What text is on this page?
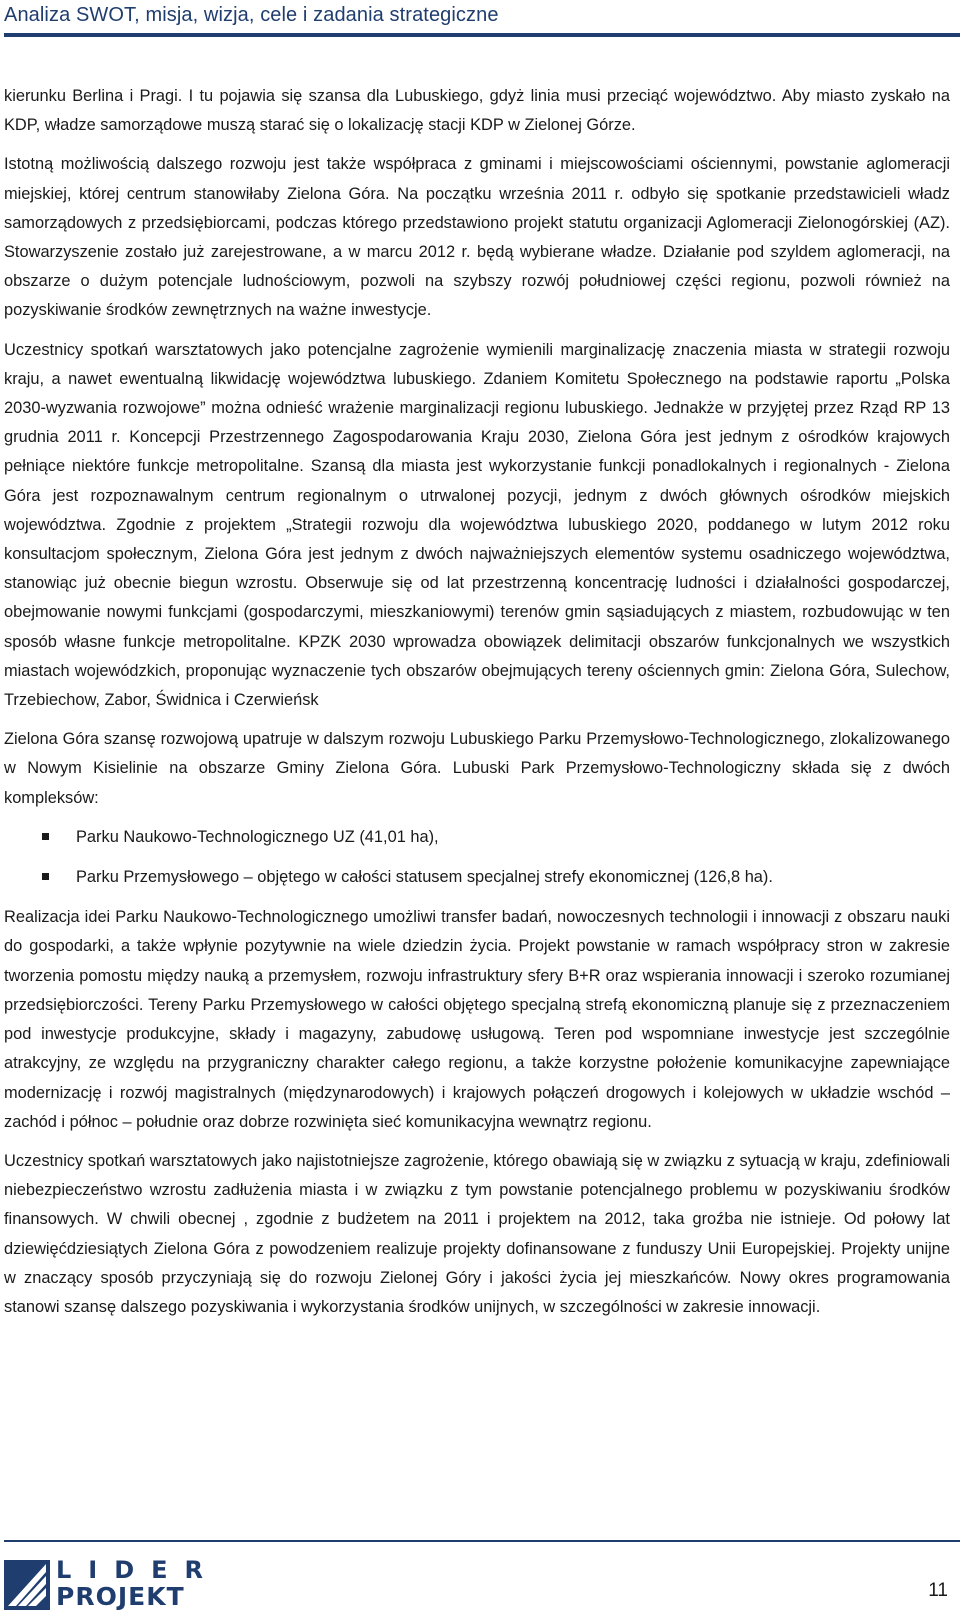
Analiza SWOT, misja, wizja, cele i zadania strategiczne

kierunku Berlina i Pragi. I tu pojawia się szansa dla Lubuskiego, gdyż linia musi przeciąć województwo. Aby miasto zyskało na KDP, władze samorządowe muszą starać się o lokalizację stacji KDP w Zielonej Górze.

Istotną możliwością dalszego rozwoju jest także współpraca z gminami i miejscowościami ościennymi, powstanie aglomeracji miejskiej, której centrum stanowiłaby Zielona Góra. Na początku września 2011 r. odbyło się spotkanie przedstawicieli władz samorządowych z przedsiębiorcami, podczas którego przedstawiono projekt statutu organizacji Aglomeracji Zielonogórskiej (AZ). Stowarzyszenie zostało już zarejestrowane, a w marcu 2012 r. będą wybierane władze. Działanie pod szyldem aglomeracji, na obszarze o dużym potencjale ludnościowym, pozwoli na szybszy rozwój południowej części regionu, pozwoli również na pozyskiwanie środków zewnętrznych na ważne inwestycje.

Uczestnicy spotkań warsztatowych jako potencjalne zagrożenie wymienili marginalizację znaczenia miasta w strategii rozwoju kraju, a nawet ewentualną likwidację województwa lubuskiego. Zdaniem Komitetu Społecznego na podstawie raportu „Polska 2030-wyzwania rozwojowe” można odnieść wrażenie marginalizacji regionu lubuskiego. Jednakże w przyjętej przez Rząd RP 13 grudnia 2011 r. Koncepcji Przestrzennego Zagospodarowania Kraju 2030, Zielona Góra jest jednym z ośrodków krajowych pełniące niektóre funkcje metropolitalne. Szansą dla miasta jest wykorzystanie funkcji ponadlokalnych i regionalnych - Zielona Góra jest rozpoznawalnym centrum regionalnym o utrwalonej pozycji, jednym z dwóch głównych ośrodków miejskich województwa. Zgodnie z projektem „Strategii rozwoju dla województwa lubuskiego 2020, poddanego w lutym 2012 roku konsultacjom społecznym, Zielona Góra jest jednym z dwóch najważniejszych elementów systemu osadniczego województwa, stanowiąc już obecnie biegun wzrostu. Obserwuje się od lat przestrzenną koncentrację ludności i działalności gospodarczej, obejmowanie nowymi funkcjami (gospodarczymi, mieszkaniowymi) terenów gmin sąsiadujących z miastem, rozbudowując w ten sposób własne funkcje metropolitalne. KPZK 2030 wprowadza obowiązek delimitacji obszarów funkcjonalnych we wszystkich miastach wojewódzkich, proponując wyznaczenie tych obszarów obejmujących tereny ościennych gmin: Zielona Góra, Sulechow, Trzebiechow, Zabor, Świdnica i Czerwieńsk

Zielona Góra szansę rozwojową upatruje w dalszym rozwoju Lubuskiego Parku Przemysłowo-Technologicznego, zlokalizowanego w Nowym Kisielinie na obszarze Gminy Zielona Góra. Lubuski Park Przemysłowo-Technologiczny składa się z dwóch kompleksów:

Parku Naukowo-Technologicznego UZ (41,01 ha),
Parku Przemysłowego – objętego w całości statusem specjalnej strefy ekonomicznej (126,8 ha).

Realizacja idei Parku Naukowo-Technologicznego umożliwi transfer badań, nowoczesnych technologii i innowacji z obszaru nauki do gospodarki, a także wpłynie pozytywnie na wiele dziedzin życia. Projekt powstanie w ramach współpracy stron w zakresie tworzenia pomostu między nauką a przemysłem, rozwoju infrastruktury sfery B+R oraz wspierania innowacji i szeroko rozumianej przedsiębiorczości. Tereny Parku Przemysłowego w całości objętego specjalną strefą ekonomiczną planuje się z przeznaczeniem pod inwestycje produkcyjne, składy i magazyny, zabudowę usługową. Teren pod wspomniane inwestycje jest szczególnie atrakcyjny, ze względu na przygraniczny charakter całego regionu, a także korzystne położenie komunikacyjne zapewniające modernizację i rozwój magistralnych (międzynarodowych) i krajowych połączeń drogowych i kolejowych w układzie wschód – zachód i północ – południe oraz dobrze rozwinięta sieć komunikacyjna wewnątrz regionu.

Uczestnicy spotkań warsztatowych jako najistotniejsze zagrożenie, którego obawiają się w związku z sytuacją w kraju, zdefiniowali niebezpieczeństwo wzrostu zadłużenia miasta i w związku z tym powstanie potencjalnego problemu w pozyskiwaniu środków finansowych. W chwili obecnej , zgodnie z budżetem na 2011 i projektem na 2012, taka groźba nie istnieje. Od połowy lat dziewięćdziesiątych Zielona Góra z powodzeniem realizuje projekty dofinansowane z funduszy Unii Europejskiej. Projekty unijne w znaczący sposób przyczyniają się do rozwoju Zielonej Góry i jakości życia jej mieszkańców. Nowy okres programowania stanowi szansę dalszego pozyskiwania i wykorzystania środków unijnych, w szczególności w zakresie innowacji.

LIDER
PROJEKT	11
